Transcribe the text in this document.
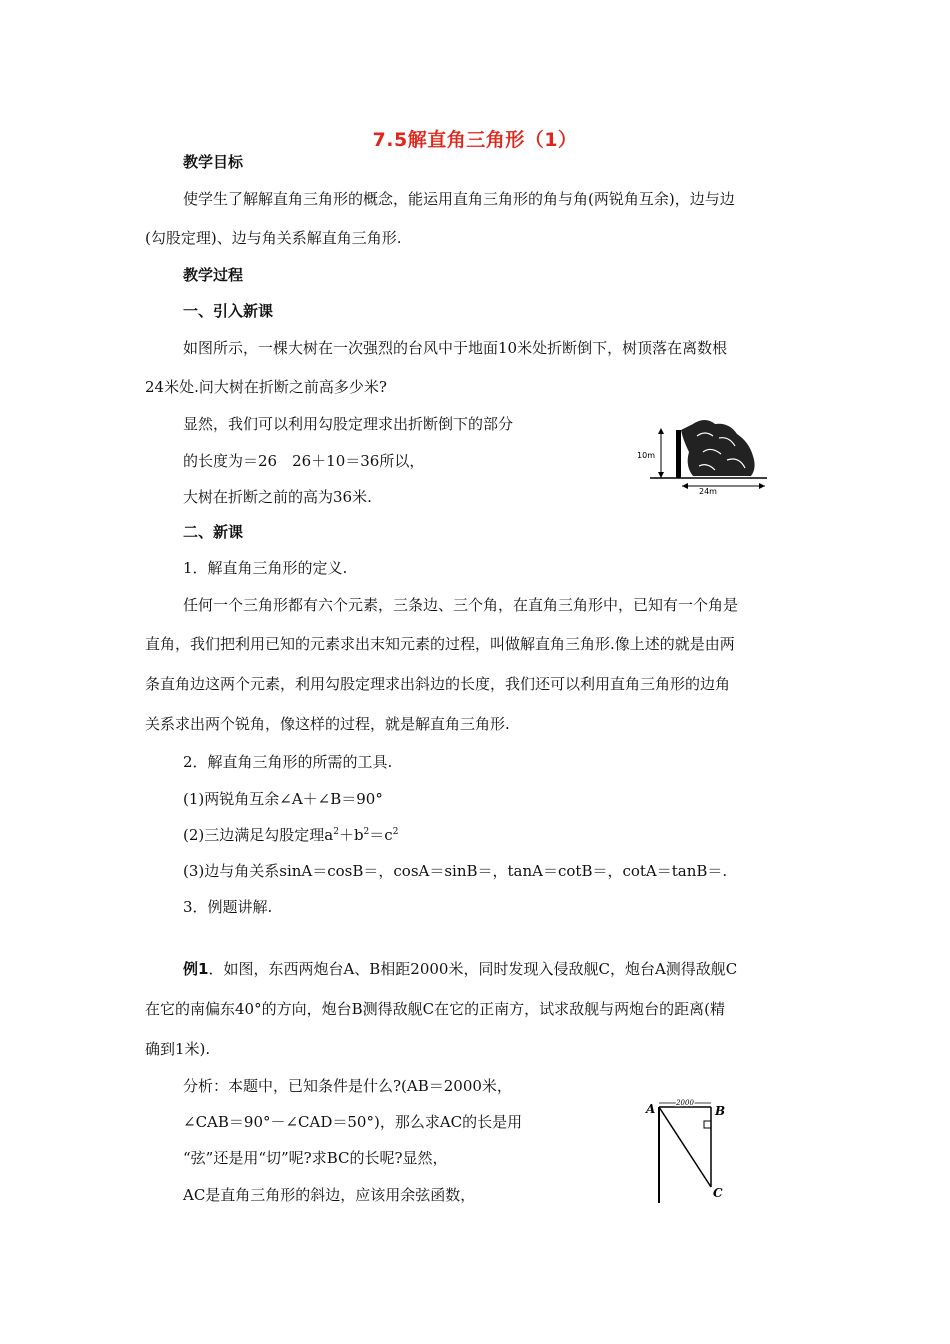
7.5解直角三角形（1）
教学目标
使学生了解解直角三角形的概念，能运用直角三角形的角与角(两锐角互余)，边与边
(勾股定理)、边与角关系解直角三角形.
教学过程
一、引入新课
如图所示，一棵大树在一次强烈的台风中于地面10米处折断倒下，树顶落在离数根
24米处.问大树在折断之前高多少米?
显然，我们可以利用勾股定理求出折断倒下的部分
的长度为＝26　26＋10＝36所以，
大树在折断之前的高为36米.
10m
24m
二、新课
1．解直角三角形的定义.
任何一个三角形都有六个元素，三条边、三个角，在直角三角形中，已知有一个角是
直角，我们把利用已知的元素求出末知元素的过程，叫做解直角三角形.像上述的就是由两
条直角边这两个元素，利用勾股定理求出斜边的长度，我们还可以利用直角三角形的边角
关系求出两个锐角，像这样的过程，就是解直角三角形.
2．解直角三角形的所需的工具.
(1)两锐角互余∠A＋∠B＝90°
(2)三边满足勾股定理$a^2+b^2=c^2$
(3)边与角关系sinA＝cosB＝，cosA＝sinB＝，tanA＝cotB＝，cotA＝tanB＝.
3．例题讲解.
例1．如图，东西两炮台A、B相距2000米，同时发现入侵敌舰C，炮台A测得敌舰C
在它的南偏东40°的方向，炮台B测得敌舰C在它的正南方，试求敌舰与两炮台的距离(精
确到1米).
分析：本题中，已知条件是什么?(AB＝2000米，
∠CAB＝90°－∠CAD＝50°)，那么求AC的长是用
“弦”还是用“切”呢?求BC的长呢?显然，
AC是直角三角形的斜边，应该用余弦函数，
2000
A	B
C
